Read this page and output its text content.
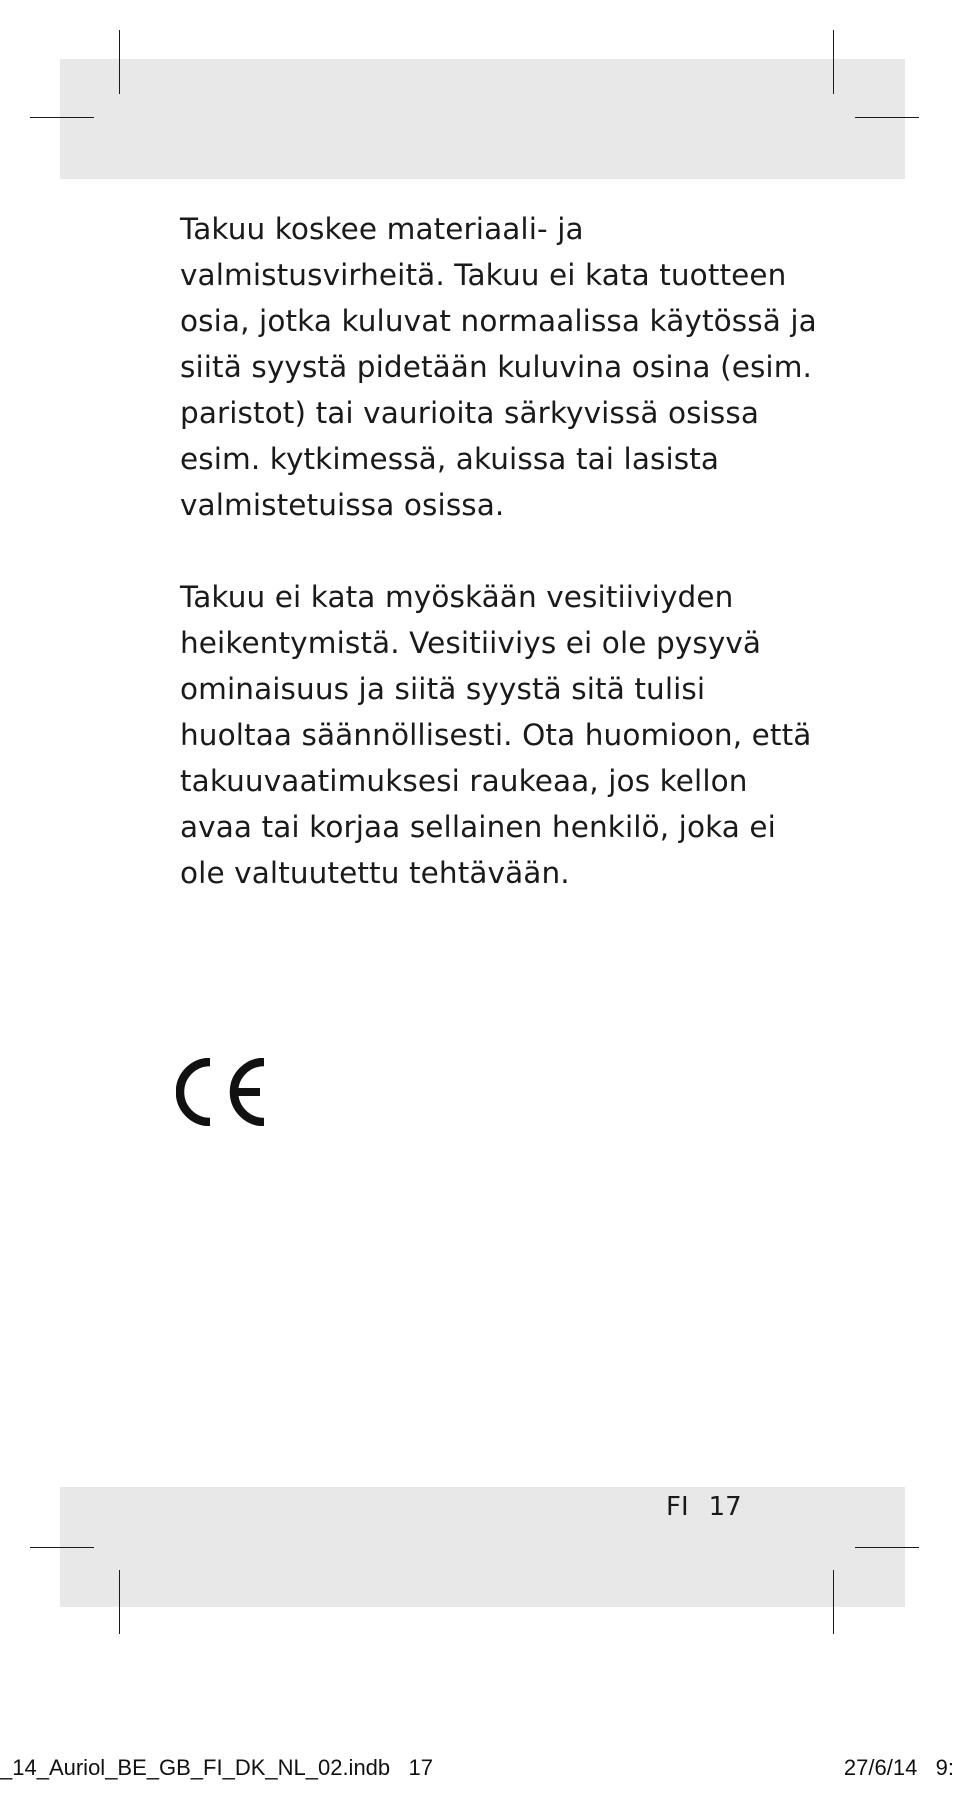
Takuu koskee materiaali- ja valmistusvirheitä. Takuu ei kata tuotteen osia, jotka kuluvat normaalissa käytössä ja siitä syystä pidetään kuluvina osina (esim. paristot) tai vaurioita särkyvissä osissa esim. kytkimessä, akuissa tai lasista valmistetuissa osissa.

Takuu ei kata myöskään vesitiiviyden heikentymistä. Vesitiiviys ei ole pysyvä ominaisuus ja siitä syystä sitä tulisi huoltaa säännöllisesti. Ota huomioon, että takuuvaatimuksesi raukeaa, jos kellon avaa tai korjaa sellainen henkilö, joka ei ole valtuutettu tehtävään.

FI 17
_14_Auriol_BE_GB_FI_DK_NL_02.indb   17	27/6/14   9:
